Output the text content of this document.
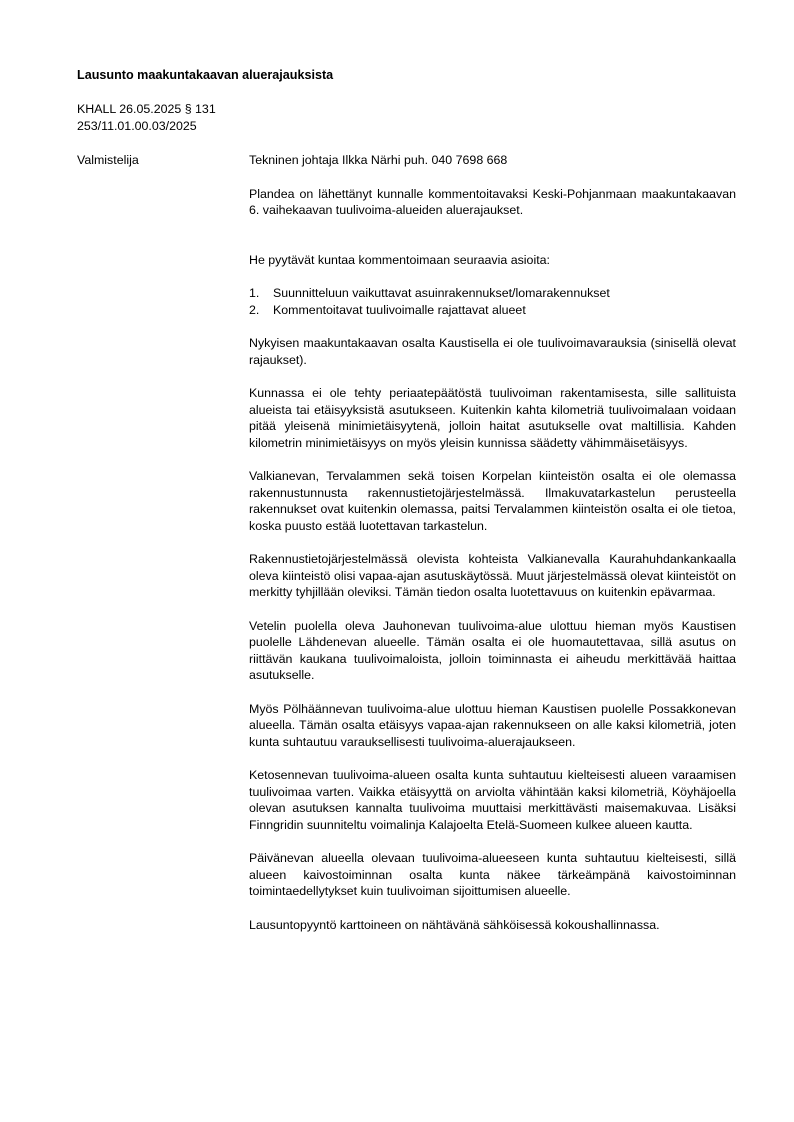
Lausunto maakuntakaavan aluerajauksista
KHALL 26.05.2025 § 131
253/11.01.00.03/2025
Valmistelija	Tekninen johtaja Ilkka Närhi puh. 040 7698 668

Plandea on lähettänyt kunnalle kommentoitavaksi Keski-Pohjanmaan maakuntakaavan 6. vaihekaavan tuulivoima-alueiden aluerajaukset.

He pyytävät kuntaa kommentoimaan seuraavia asioita:

1. Suunnitteluun vaikuttavat asuinrakennukset/lomarakennukset
2. Kommentoitavat tuulivoimalle rajattavat alueet

Nykyisen maakuntakaavan osalta Kaustisella ei ole tuulivoimavarauksia (sinisellä olevat rajaukset).

Kunnassa ei ole tehty periaatepäätöstä tuulivoiman rakentamisesta, sille sallituista alueista tai etäisyyksistä asutukseen. Kuitenkin kahta kilometriä tuulivoimalaan voidaan pitää yleisenä minimietäisyytenä, jolloin haitat asutukselle ovat maltillisia. Kahden kilometrin minimietäisyys on myös yleisin kunnissa säädetty vähimmäisetäisyys.

Valkianevan, Tervalammen sekä toisen Korpelan kiinteistön osalta ei ole olemassa rakennustunnusta rakennustietojärjestelmässä. Ilmakuvatarkastelun perusteella rakennukset ovat kuitenkin olemassa, paitsi Tervalammen kiinteistön osalta ei ole tietoa, koska puusto estää luotettavan tarkastelun.

Rakennustietojärjestelmässä olevista kohteista Valkianevalla Kaurahuhdankankaalla oleva kiinteistö olisi vapaa-ajan asutuskäytössä. Muut järjestelmässä olevat kiinteistöt on merkitty tyhjillään oleviksi. Tämän tiedon osalta luotettavuus on kuitenkin epävarmaa.

Vetelin puolella oleva Jauhonevan tuulivoima-alue ulottuu hieman myös Kaustisen puolelle Lähdenevan alueelle. Tämän osalta ei ole huomautettavaa, sillä asutus on riittävän kaukana tuulivoimaloista, jolloin toiminnasta ei aiheudu merkittävää haittaa asutukselle.

Myös Pölhäännevan tuulivoima-alue ulottuu hieman Kaustisen puolelle Possakkonevan alueella. Tämän osalta etäisyys vapaa-ajan rakennukseen on alle kaksi kilometriä, joten kunta suhtautuu varauksellisesti tuulivoima-aluerajaukseen.

Ketosennevan tuulivoima-alueen osalta kunta suhtautuu kielteisesti alueen varaamisen tuulivoimaa varten. Vaikka etäisyyttä on arviolta vähintään kaksi kilometriä, Köyhäjoella olevan asutuksen kannalta tuulivoima muuttaisi merkittävästi maisemakuvaa. Lisäksi Finngridin suunniteltu voimalinja Kalajoelta Etelä-Suomeen kulkee alueen kautta.

Päivänevan alueella olevaan tuulivoima-alueeseen kunta suhtautuu kielteisesti, sillä alueen kaivostoiminnan osalta kunta näkee tärkeämpänä kaivostoiminnan toimintaedellytykset kuin tuulivoiman sijoittumisen alueelle.

Lausuntopyyntö karttoineen on nähtävänä sähköisessä kokoushallinnassa.
